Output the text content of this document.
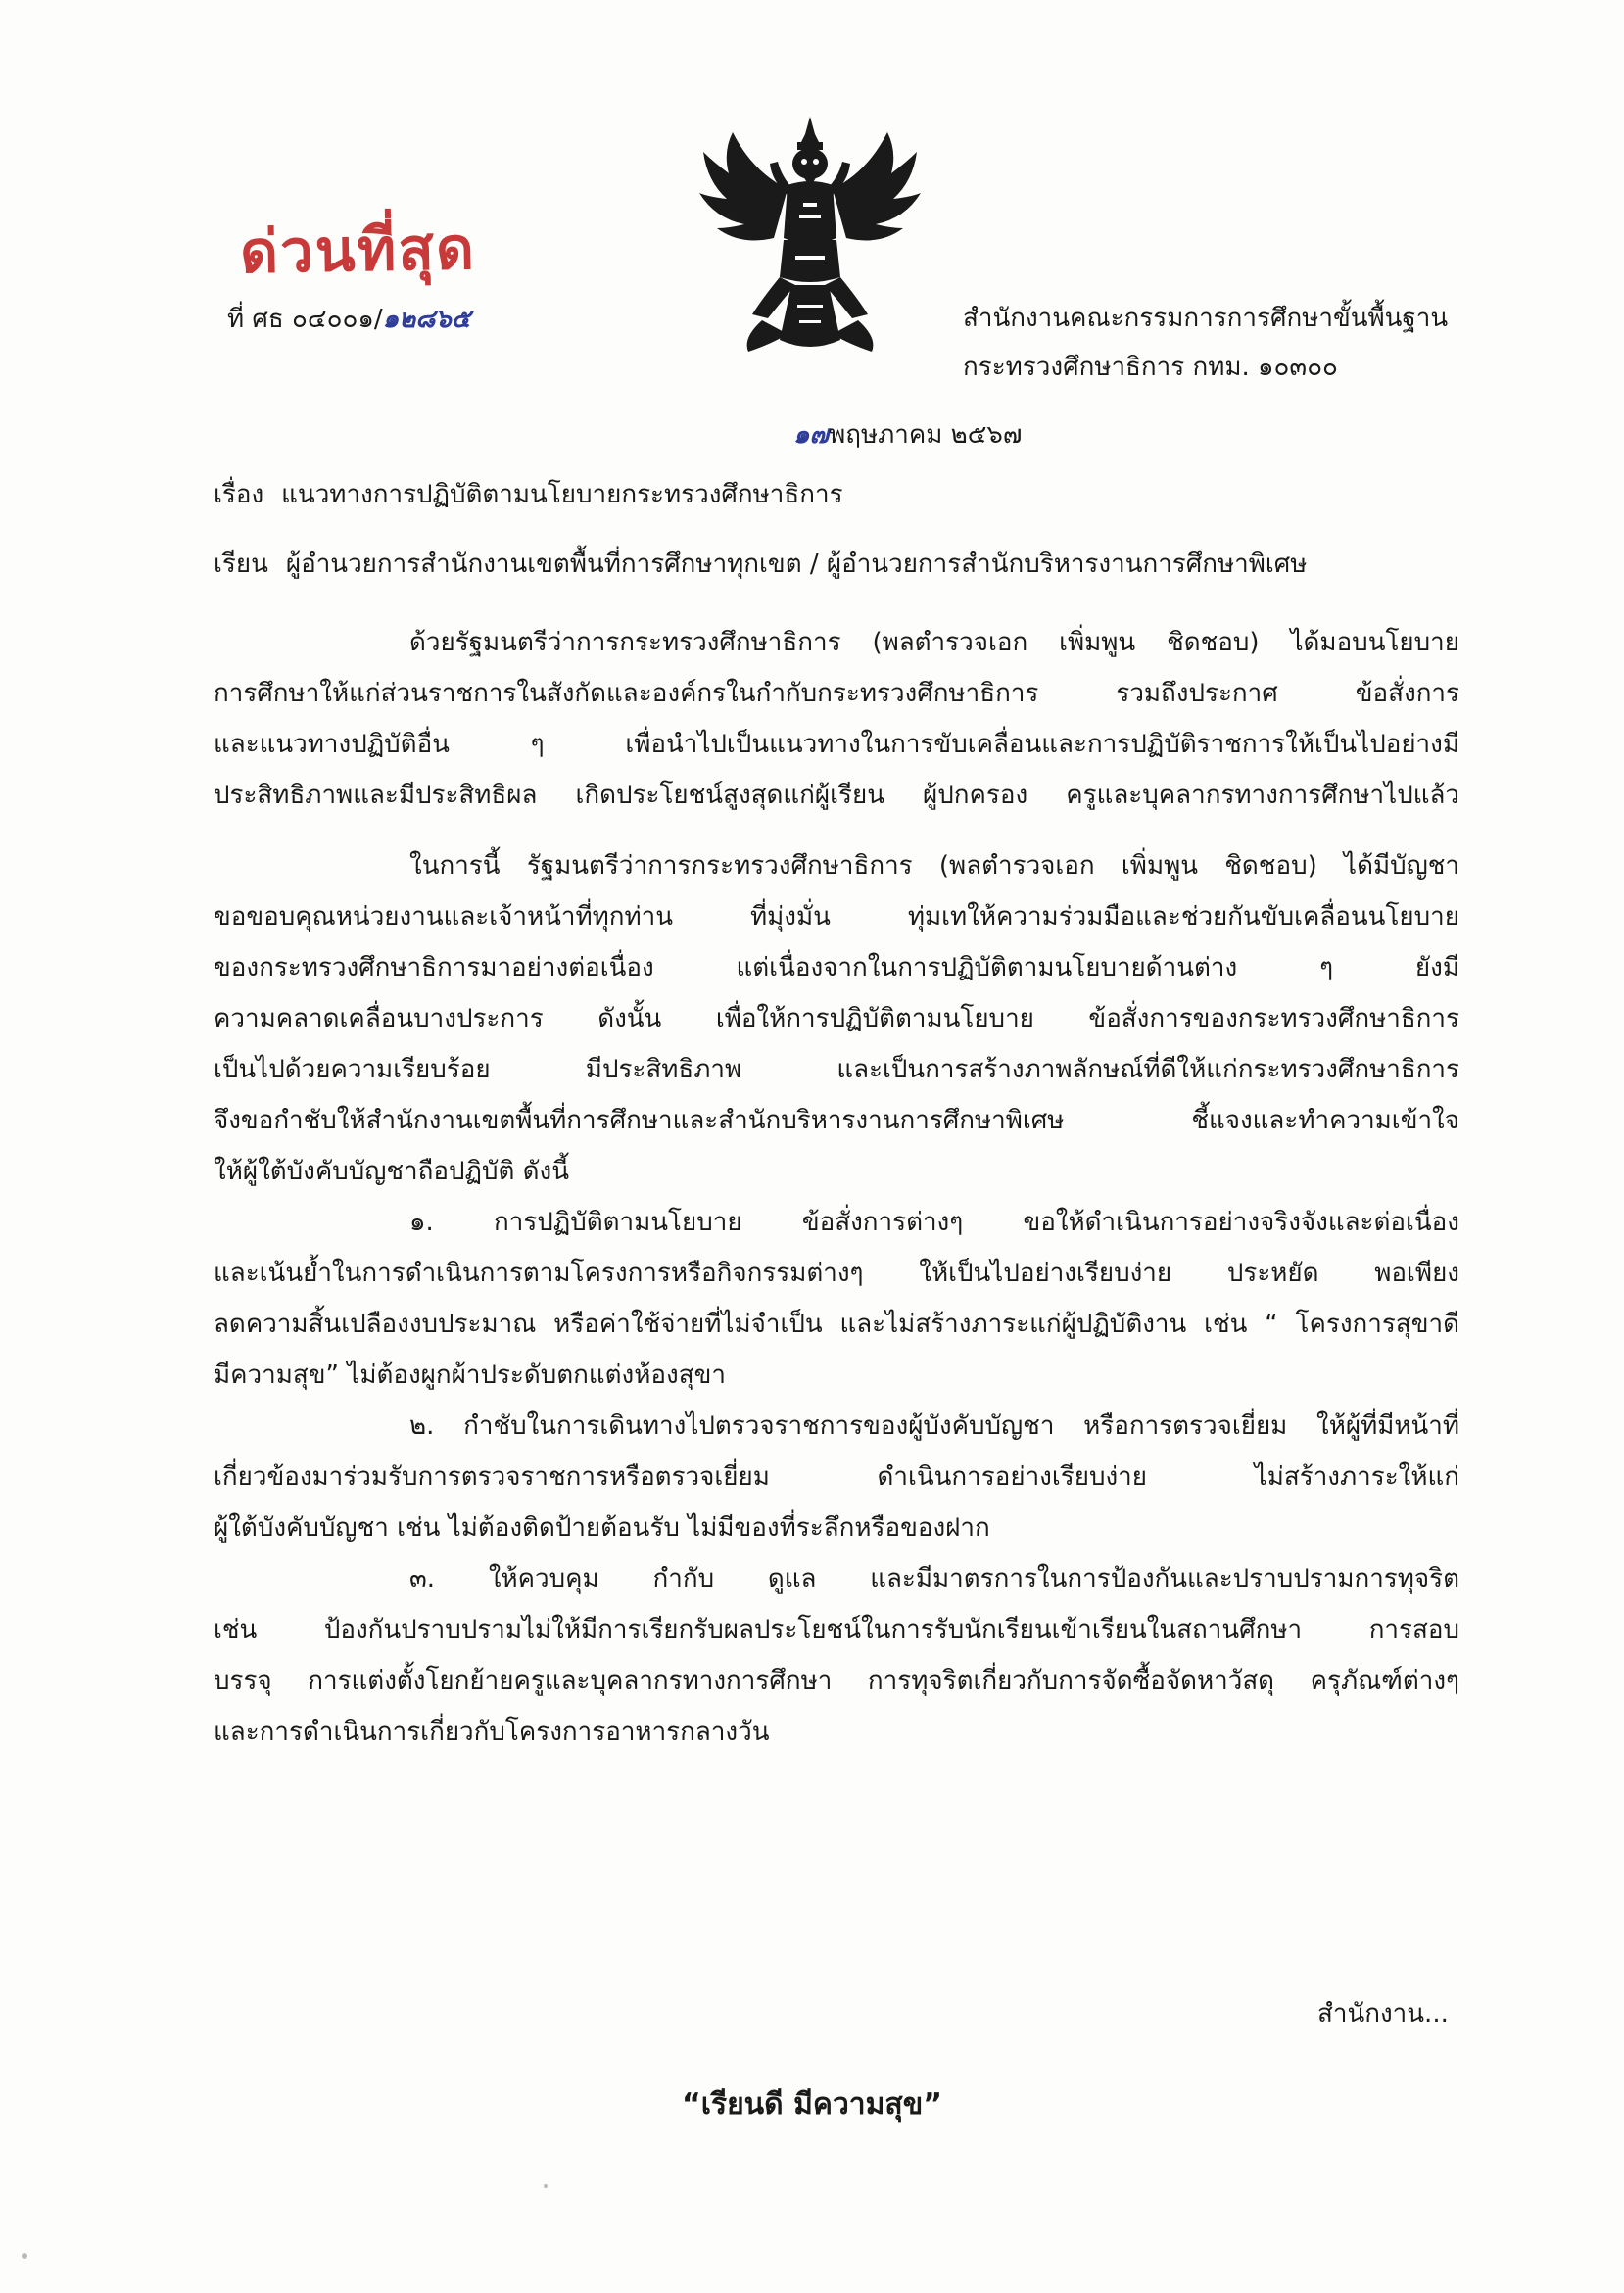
ด่วนที่สุด
ที่ ศธ ๐๔๐๐๑/๑๒๘๖๕	สำนักงานคณะกรรมการการศึกษาขั้นพื้นฐาน
กระทรวงศึกษาธิการ กทม. ๑๐๓๐๐
๑๗พฤษภาคม ๒๕๖๗
เรื่อง แนวทางการปฏิบัติตามนโยบายกระทรวงศึกษาธิการ
เรียน ผู้อำนวยการสำนักงานเขตพื้นที่การศึกษาทุกเขต / ผู้อำนวยการสำนักบริหารงานการศึกษาพิเศษ
ด้วยรัฐมนตรีว่าการกระทรวงศึกษาธิการ (พลตำรวจเอก เพิ่มพูน ชิดชอบ) ได้มอบนโยบาย
การศึกษาให้แก่ส่วนราชการในสังกัดและองค์กรในกำกับกระทรวงศึกษาธิการ รวมถึงประกาศ ข้อสั่งการ
และแนวทางปฏิบัติอื่น ๆ เพื่อนำไปเป็นแนวทางในการขับเคลื่อนและการปฏิบัติราชการให้เป็นไปอย่างมี
ประสิทธิภาพและมีประสิทธิผล เกิดประโยชน์สูงสุดแก่ผู้เรียน ผู้ปกครอง ครูและบุคลากรทางการศึกษาไปแล้ว
ในการนี้ รัฐมนตรีว่าการกระทรวงศึกษาธิการ (พลตำรวจเอก เพิ่มพูน ชิดชอบ) ได้มีบัญชา
ขอขอบคุณหน่วยงานและเจ้าหน้าที่ทุกท่าน ที่มุ่งมั่น ทุ่มเทให้ความร่วมมือและช่วยกันขับเคลื่อนนโยบาย
ของกระทรวงศึกษาธิการมาอย่างต่อเนื่อง แต่เนื่องจากในการปฏิบัติตามนโยบายด้านต่าง ๆ ยังมี
ความคลาดเคลื่อนบางประการ ดังนั้น เพื่อให้การปฏิบัติตามนโยบาย ข้อสั่งการของกระทรวงศึกษาธิการ
เป็นไปด้วยความเรียบร้อย มีประสิทธิภาพ และเป็นการสร้างภาพลักษณ์ที่ดีให้แก่กระทรวงศึกษาธิการ
จึงขอกำชับให้สำนักงานเขตพื้นที่การศึกษาและสำนักบริหารงานการศึกษาพิเศษ ชี้แจงและทำความเข้าใจ
ให้ผู้ใต้บังคับบัญชาถือปฏิบัติ ดังนี้
๑. การปฏิบัติตามนโยบาย ข้อสั่งการต่างๆ ขอให้ดำเนินการอย่างจริงจังและต่อเนื่อง
และเน้นย้ำในการดำเนินการตามโครงการหรือกิจกรรมต่างๆ ให้เป็นไปอย่างเรียบง่าย ประหยัด พอเพียง
ลดความสิ้นเปลืองงบประมาณ หรือค่าใช้จ่ายที่ไม่จำเป็น และไม่สร้างภาระแก่ผู้ปฏิบัติงาน เช่น “ โครงการสุขาดี
มีความสุข” ไม่ต้องผูกผ้าประดับตกแต่งห้องสุขา
๒. กำชับในการเดินทางไปตรวจราชการของผู้บังคับบัญชา หรือการตรวจเยี่ยม ให้ผู้ที่มีหน้าที่
เกี่ยวข้องมาร่วมรับการตรวจราชการหรือตรวจเยี่ยม ดำเนินการอย่างเรียบง่าย ไม่สร้างภาระให้แก่
ผู้ใต้บังคับบัญชา เช่น ไม่ต้องติดป้ายต้อนรับ ไม่มีของที่ระลึกหรือของฝาก
๓. ให้ควบคุม กำกับ ดูแล และมีมาตรการในการป้องกันและปราบปรามการทุจริต
เช่น ป้องกันปราบปรามไม่ให้มีการเรียกรับผลประโยชน์ในการรับนักเรียนเข้าเรียนในสถานศึกษา การสอบ
บรรจุ การแต่งตั้งโยกย้ายครูและบุคลากรทางการศึกษา การทุจริตเกี่ยวกับการจัดซื้อจัดหาวัสดุ ครุภัณฑ์ต่างๆ
และการดำเนินการเกี่ยวกับโครงการอาหารกลางวัน
สำนักงาน...
“เรียนดี มีความสุข”
